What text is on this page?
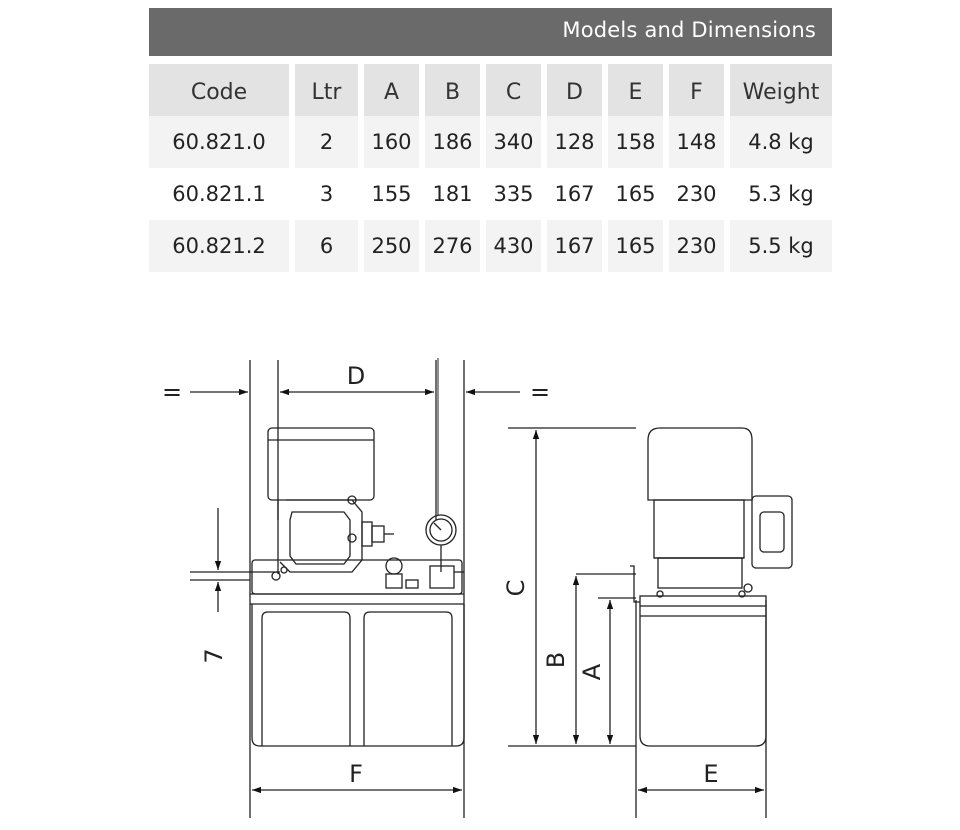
Models and Dimensions
Code	Ltr	A	B	C	D	E	F	Weight
60.821.0	2	160	186	340	128	158	148	4.8 kg
60.821.1	3	155	181	335	167	165	230	5.3 kg
60.821.2	6	250	276	430	167	165	230	5.5 kg
D
=	=
7
C
B
A
F	E
